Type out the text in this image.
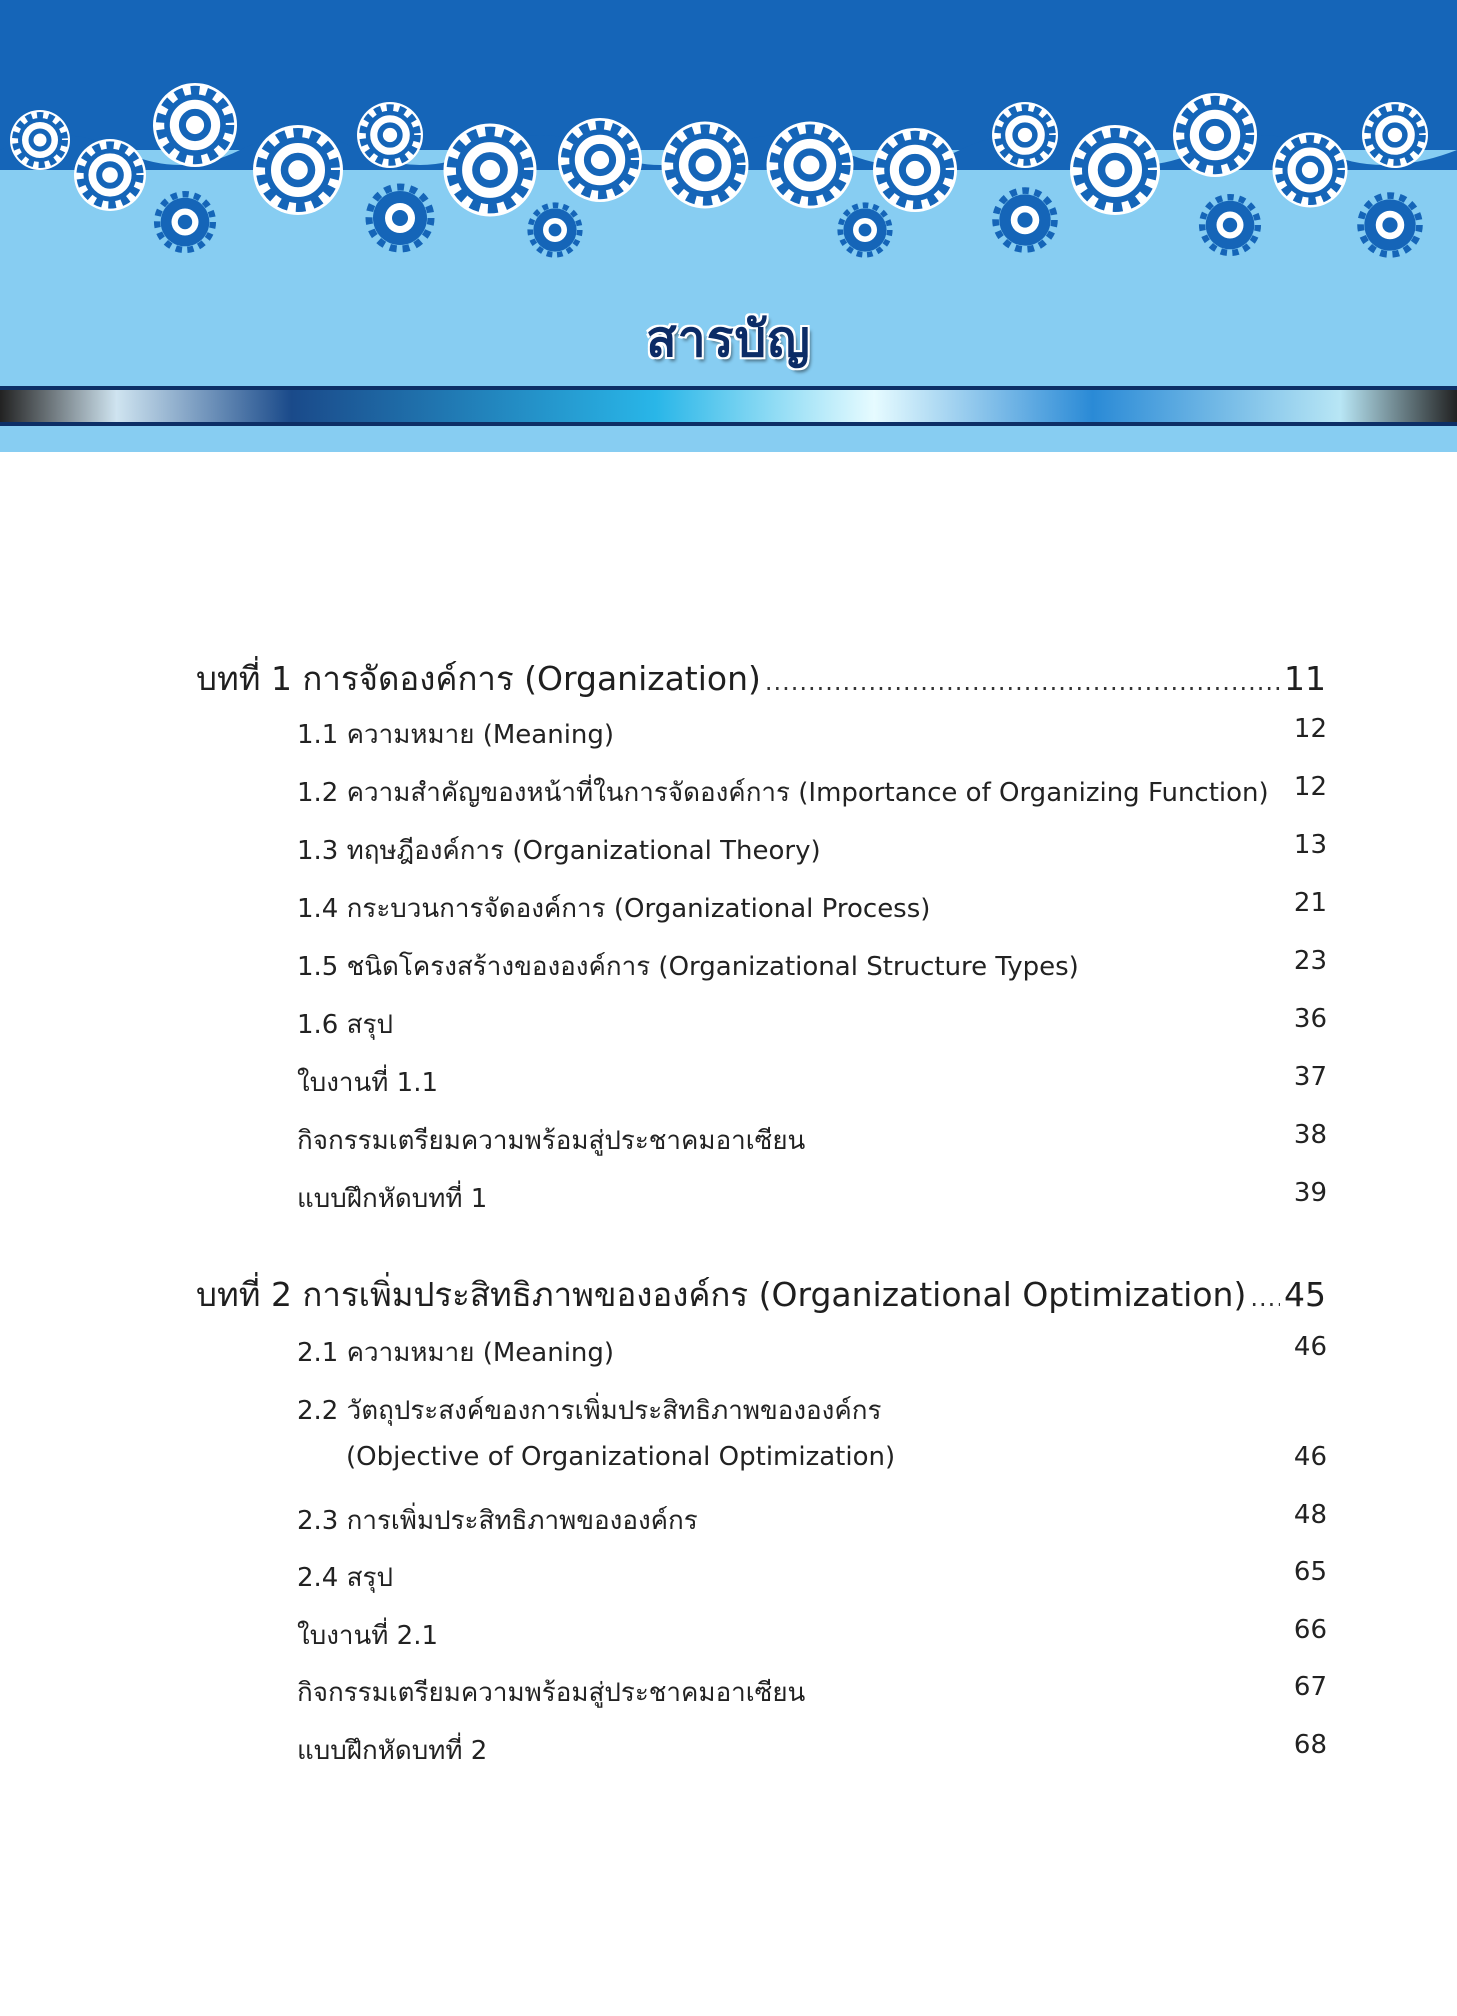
สารบัญ
บทที่ 1 การจัดองค์การ (Organization) .....	11
1.1 ความหมาย (Meaning)	12
1.2 ความสำคัญของหน้าที่ในการจัดองค์การ (Importance of Organizing Function) 12
1.3 ทฤษฎีองค์การ (Organizational Theory)	13
1.4 กระบวนการจัดองค์การ (Organizational Process)	21
1.5 ชนิดโครงสร้างขององค์การ (Organizational Structure Types)	23
1.6 สรุป	36
ใบงานที่ 1.1	37
กิจกรรมเตรียมความพร้อมสู่ประชาคมอาเซียน	38
แบบฝึกหัดบทที่ 1	39
บทที่ 2 การเพิ่มประสิทธิภาพขององค์กร (Organizational Optimization) ..... 45
2.1 ความหมาย (Meaning)	46
2.2 วัตถุประสงค์ของการเพิ่มประสิทธิภาพขององค์กร
(Objective of Organizational Optimization)	46
2.3 การเพิ่มประสิทธิภาพขององค์กร	48
2.4 สรุป	65
ใบงานที่ 2.1	66
กิจกรรมเตรียมความพร้อมสู่ประชาคมอาเซียน	67
แบบฝึกหัดบทที่ 2	68
